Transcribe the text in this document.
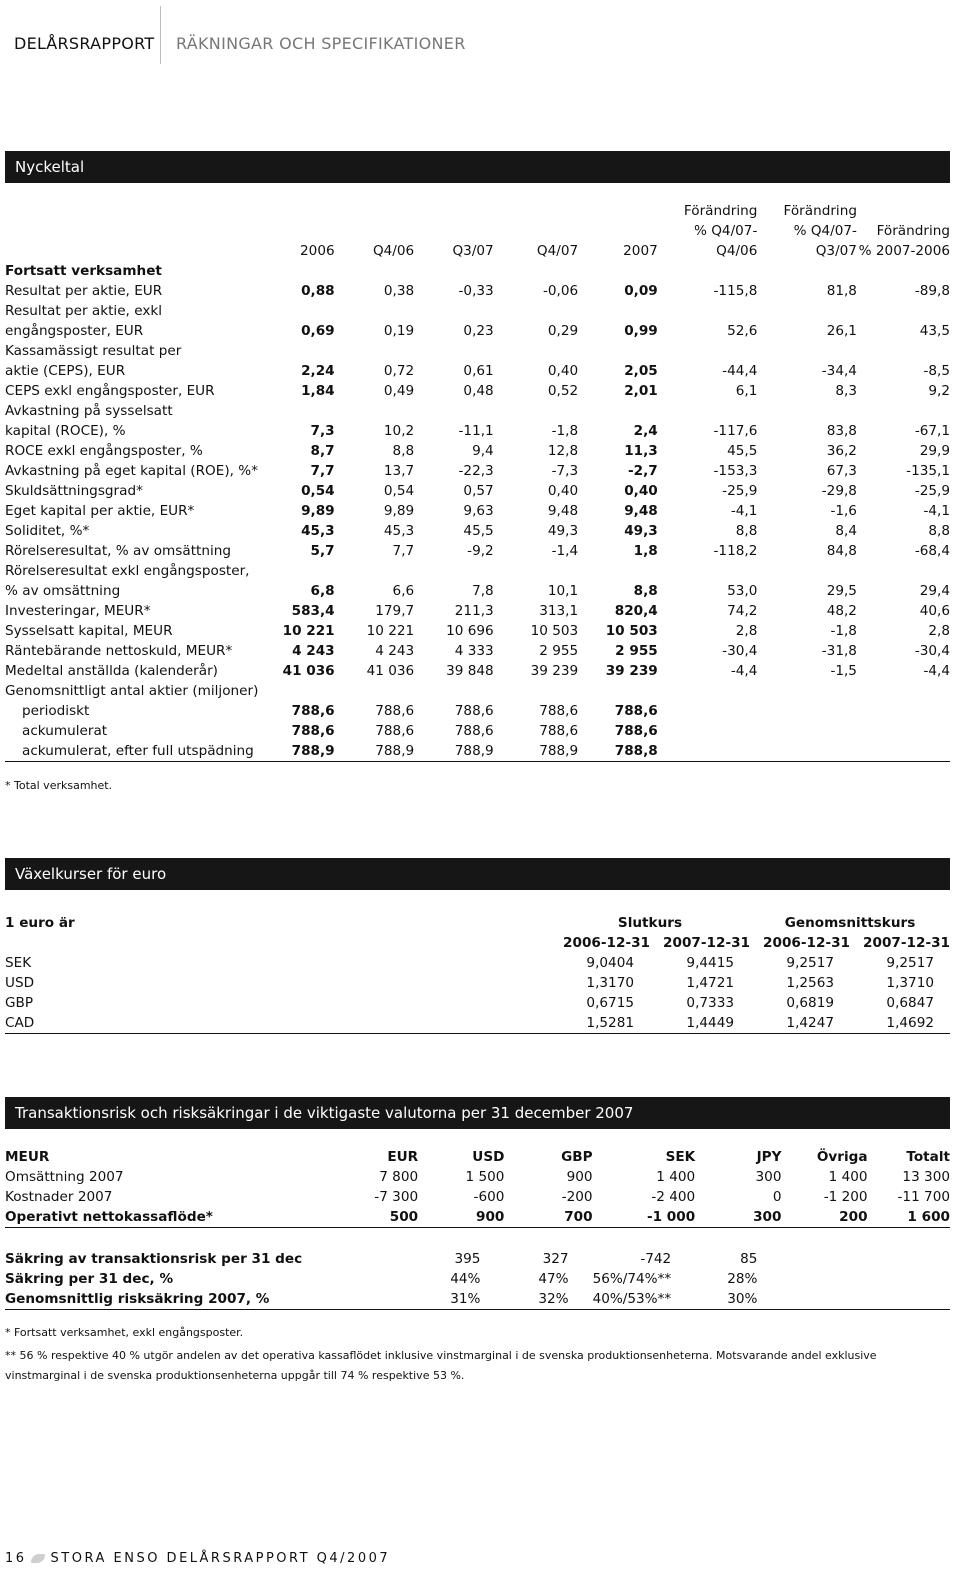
DELÅRSRAPPORT RÄKNINGAR OCH SPECIFIKATIONER
Nyckeltal
						Förändring	Förändring	
						% Q4/07-	% Q4/07-	Förändring
	2006	Q4/06	Q3/07	Q4/07	2007	Q4/06	Q3/07	% 2007-2006
Fortsatt verksamhet								
Resultat per aktie, EUR	0,88	0,38	-0,33	-0,06	0,09	-115,8	81,8	-89,8
Resultat per aktie, exkl								
engångsposter, EUR	0,69	0,19	0,23	0,29	0,99	52,6	26,1	43,5
Kassamässigt resultat per								
aktie (CEPS), EUR	2,24	0,72	0,61	0,40	2,05	-44,4	-34,4	-8,5
CEPS exkl engångsposter, EUR	1,84	0,49	0,48	0,52	2,01	6,1	8,3	9,2
Avkastning på sysselsatt								
kapital (ROCE), %	7,3	10,2	-11,1	-1,8	2,4	-117,6	83,8	-67,1
ROCE exkl engångsposter, %	8,7	8,8	9,4	12,8	11,3	45,5	36,2	29,9
Avkastning på eget kapital (ROE), %*	7,7	13,7	-22,3	-7,3	-2,7	-153,3	67,3	-135,1
Skuldsättningsgrad*	0,54	0,54	0,57	0,40	0,40	-25,9	-29,8	-25,9
Eget kapital per aktie, EUR*	9,89	9,89	9,63	9,48	9,48	-4,1	-1,6	-4,1
Soliditet, %*	45,3	45,3	45,5	49,3	49,3	8,8	8,4	8,8
Rörelseresultat, % av omsättning	5,7	7,7	-9,2	-1,4	1,8	-118,2	84,8	-68,4
Rörelseresultat exkl engångsposter,								
% av omsättning	6,8	6,6	7,8	10,1	8,8	53,0	29,5	29,4
Investeringar, MEUR*	583,4	179,7	211,3	313,1	820,4	74,2	48,2	40,6
Sysselsatt kapital, MEUR	10 221	10 221	10 696	10 503	10 503	2,8	-1,8	2,8
Räntebärande nettoskuld, MEUR*	4 243	4 243	4 333	2 955	2 955	-30,4	-31,8	-30,4
Medeltal anställda (kalenderår)	41 036	41 036	39 848	39 239	39 239	-4,4	-1,5	-4,4
Genomsnittligt antal aktier (miljoner)								
periodiskt	788,6	788,6	788,6	788,6	788,6			
ackumulerat	788,6	788,6	788,6	788,6	788,6			
ackumulerat, efter full utspädning	788,9	788,9	788,9	788,9	788,8			
* Total verksamhet.
Växelkurser för euro
1 euro är	Slutkurs		Genomsnittskurs	
	2006-12-31	2007-12-31	2006-12-31	2007-12-31
SEK	9,0404	9,4415	9,2517	9,2517
USD	1,3170	1,4721	1,2563	1,3710
GBP	0,6715	0,7333	0,6819	0,6847
CAD	1,5281	1,4449	1,4247	1,4692
Transaktionsrisk och risksäkringar i de viktigaste valutorna per 31 december 2007
MEUR	EUR	USD	GBP	SEK	JPY	Övriga	Totalt
Omsättning 2007	7 800	1 500	900	1 400	300	1 400	13 300
Kostnader 2007	-7 300	-600	-200	-2 400	0	-1 200	-11 700
Operativt nettokassaflöde*	500	900	700	-1 000	300	200	1 600

Säkring av transaktionsrisk per 31 dec		395	327	-742	85		
Säkring per 31 dec, %		44%	47%	56%/74%**	28%		
Genomsnittlig risksäkring 2007, %		31%	32%	40%/53%**	30%		
* Fortsatt verksamhet, exkl engångsposter.
** 56 % respektive 40 % utgör andelen av det operativa kassaflödet inklusive vinstmarginal i de svenska produktionsenheterna. Motsvarande andel exklusive vinstmarginal i de svenska produktionsenheterna uppgår till 74 % respektive 53 %.
16 STORA ENSO DELÅRSRAPPORT Q4/2007
